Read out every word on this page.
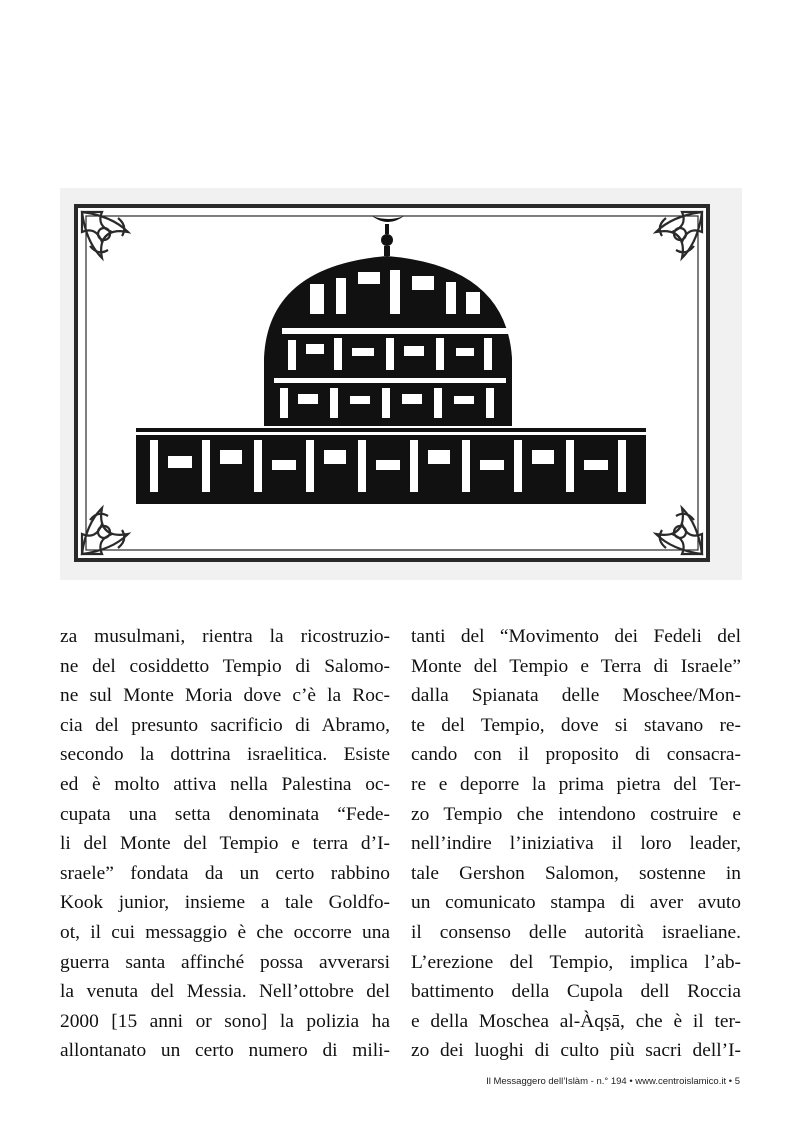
za musulmani, rientra la ricostruzio-
ne del cosiddetto Tempio di Salomo-
ne sul Monte Moria dove c’è la Roc-
cia del presunto sacrificio di Abramo,
secondo la dottrina israelitica. Esiste
ed è molto attiva nella Palestina oc-
cupata una setta denominata “Fede-
li del Monte del Tempio e terra d’I-
sraele” fondata da un certo rabbino
Kook junior, insieme a tale Goldfo-
ot, il cui messaggio è che occorre una
guerra santa affinché possa avverarsi
la venuta del Messia. Nell’ottobre del
2000 [15 anni or sono] la polizia ha
allontanato un certo numero di mili-
tanti del “Movimento dei Fedeli del
Monte del Tempio e Terra di Israele”
dalla Spianata delle Moschee/Mon-
te del Tempio, dove si stavano re-
cando con il proposito di consacra-
re e deporre la prima pietra del Ter-
zo Tempio che intendono costruire e
nell’indire l’iniziativa il loro leader,
tale Gershon Salomon, sostenne in
un comunicato stampa di aver avuto
il consenso delle autorità israeliane.
L’erezione del Tempio, implica l’ab-
battimento della Cupola dell Roccia
e della Moschea al-Àqṣā, che è il ter-
zo dei luoghi di culto più sacri dell’I-
Il Messaggero dell’Islàm - n.° 194 • www.centroislamico.it • 5
